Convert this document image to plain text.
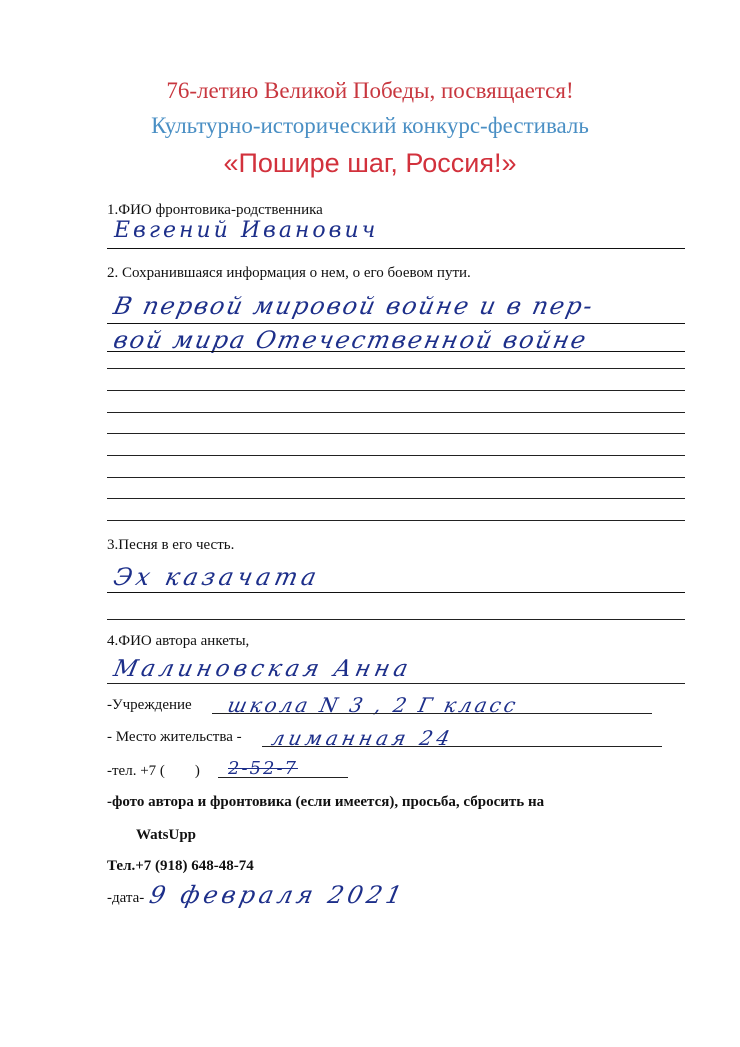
76-летию Великой Победы, посвящается!
Культурно-исторический конкурс-фестиваль
«Пошире шаг, Россия!»
1.ФИО фронтовика-родственника
Евгений Иванович
2. Сохранившаяся информация о нем, о его боевом пути.
В первой мировой войне и в пер-
вой мира Отечественной войне
3.Песня в его честь.
Эх казачата
4.ФИО автора анкеты,
Малиновская Анна
-Учреждение школа N 3 , 2 Г класс
- Место жительства - лиманная 24
-тел. +7 (        ) 2-52-7
-фото автора и фронтовика (если имеется), просьба, сбросить на
WatsUpp
Тел.+7 (918) 648-48-74
-дата- 9 февраля 2021
